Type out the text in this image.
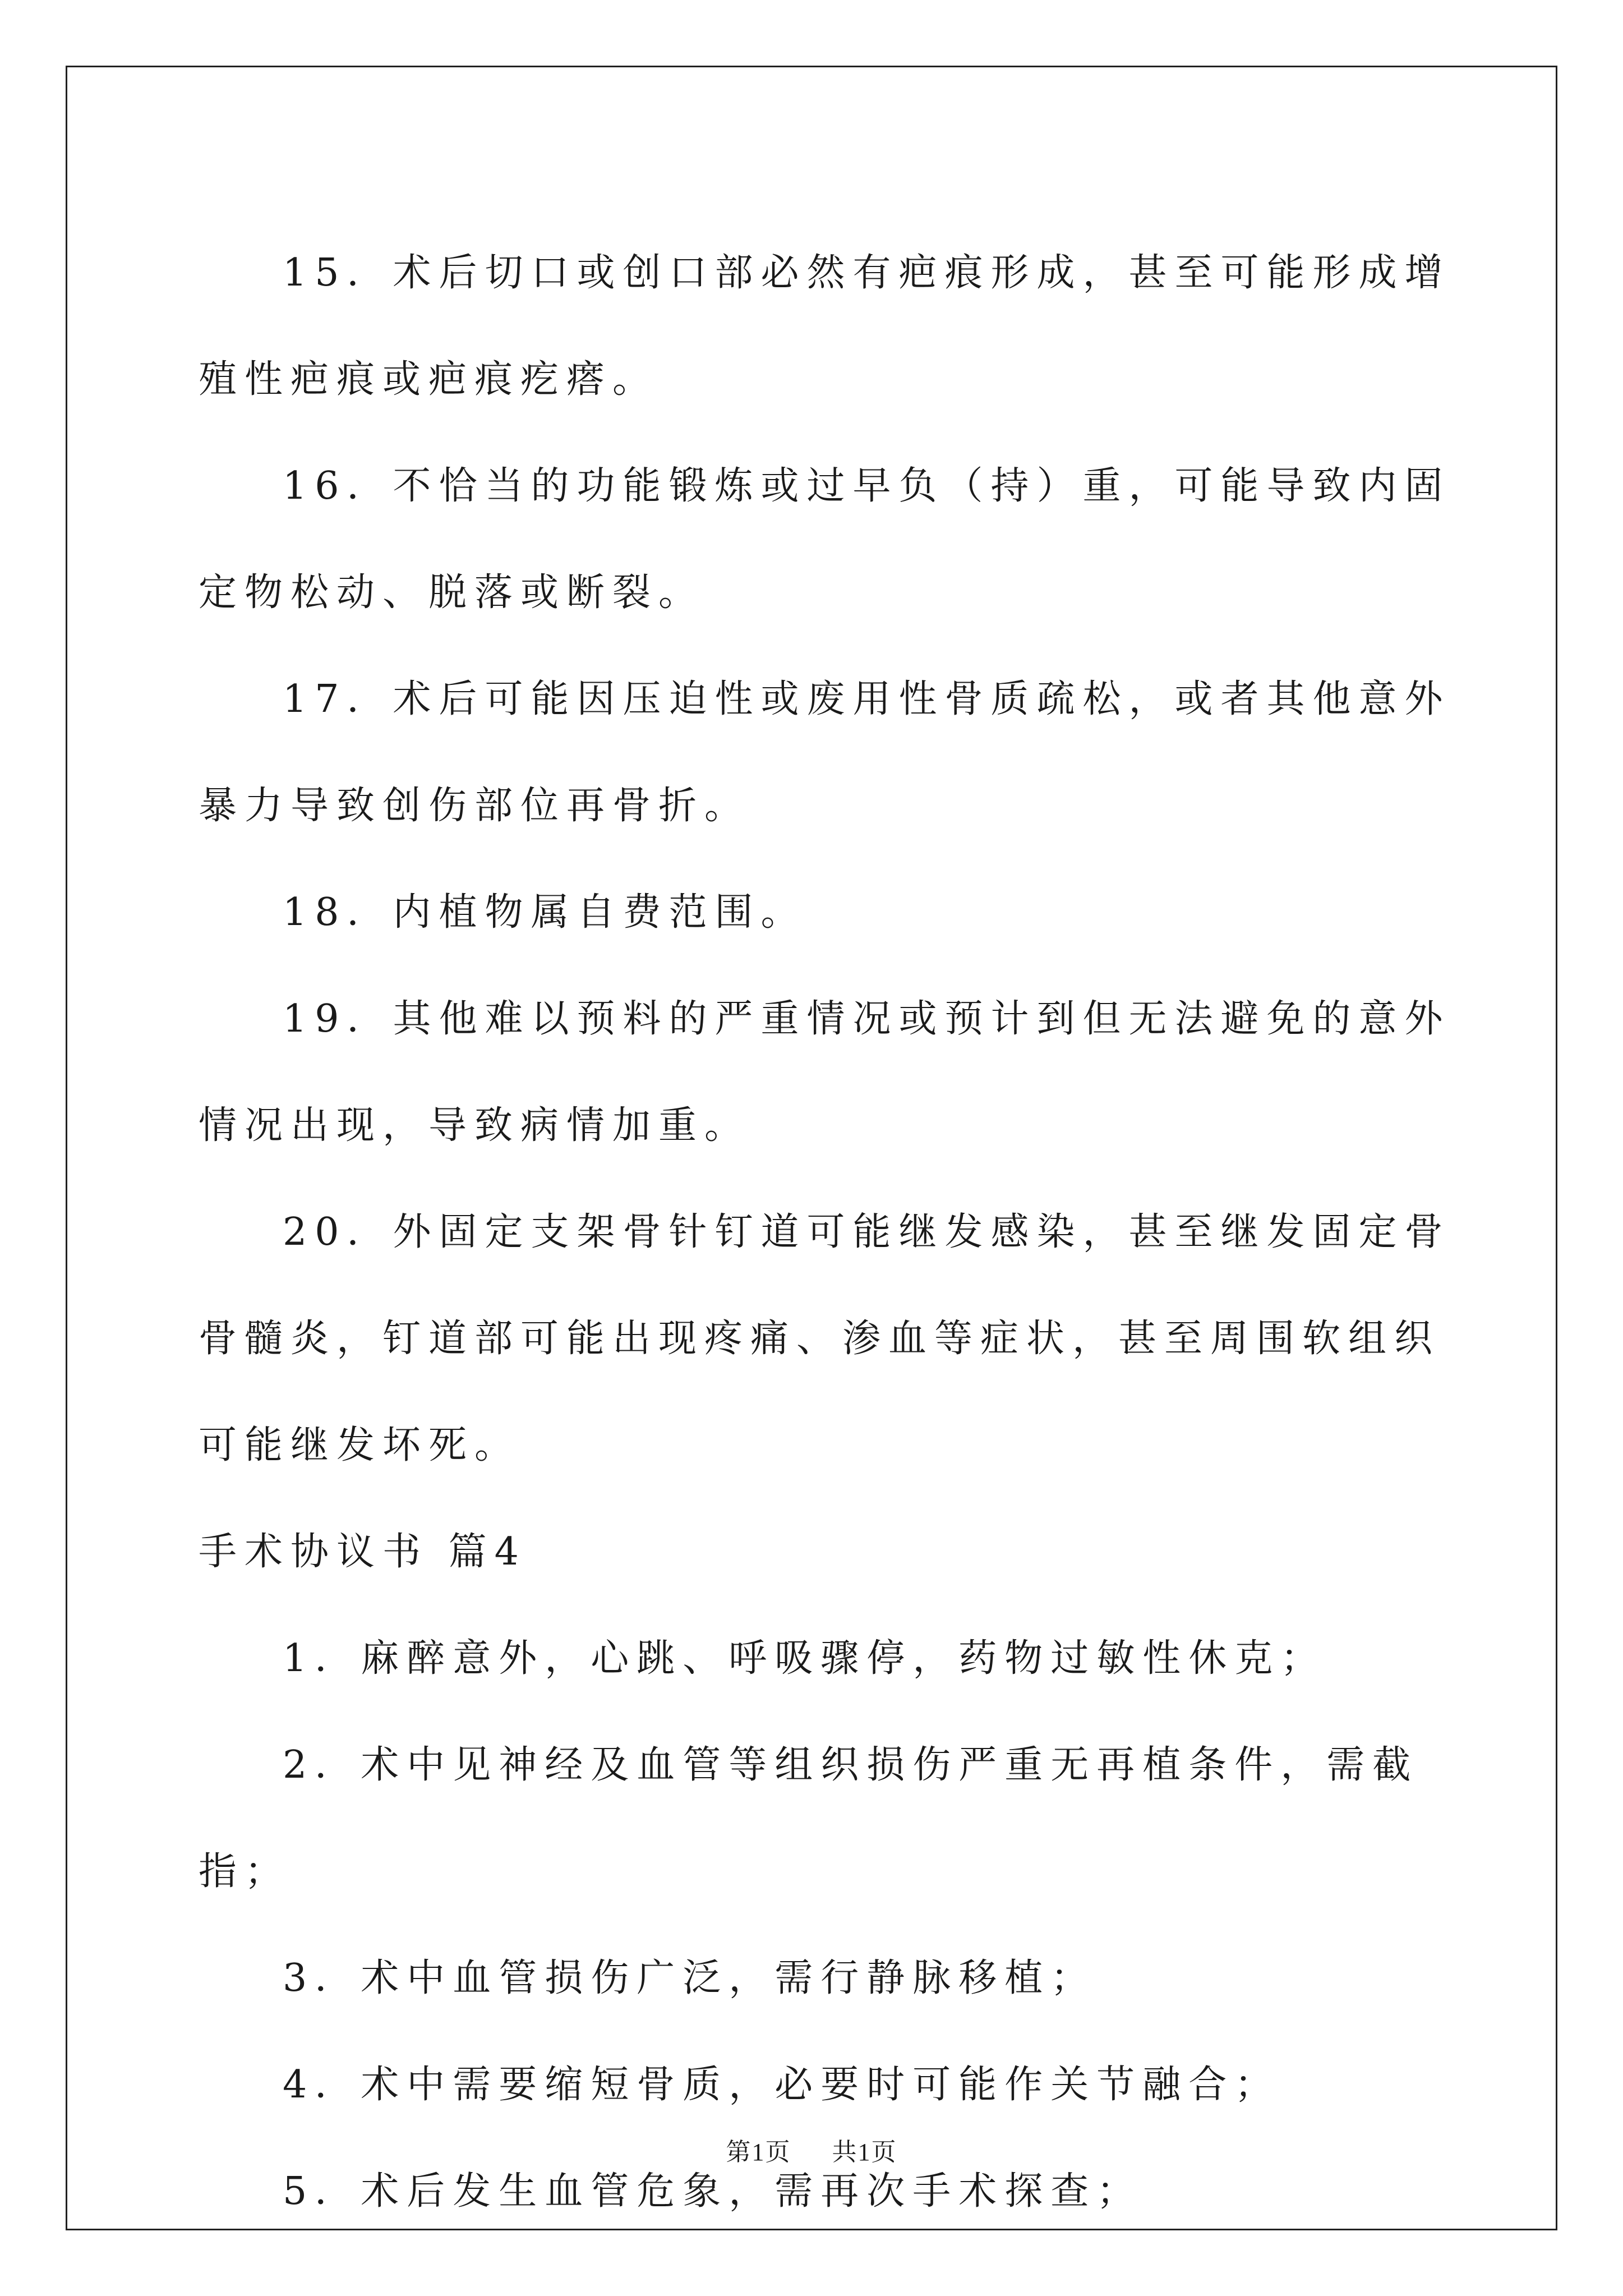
15．术后切口或创口部必然有疤痕形成，甚至可能形成增殖性疤痕或疤痕疙瘩。

16．不恰当的功能锻炼或过早负（持）重，可能导致内固定物松动、脱落或断裂。

17．术后可能因压迫性或废用性骨质疏松，或者其他意外暴力导致创伤部位再骨折。

18．内植物属自费范围。

19．其他难以预料的严重情况或预计到但无法避免的意外情况出现，导致病情加重。

20．外固定支架骨针钉道可能继发感染，甚至继发固定骨骨髓炎，钉道部可能出现疼痛、渗血等症状，甚至周围软组织可能继发坏死。

手术协议书 篇4

1．麻醉意外，心跳、呼吸骤停，药物过敏性休克；

2．术中见神经及血管等组织损伤严重无再植条件，需截指；

3．术中血管损伤广泛，需行静脉移植；

4．术中需要缩短骨质，必要时可能作关节融合；

5．术后发生血管危象，需再次手术探查；

第1页 共1页
